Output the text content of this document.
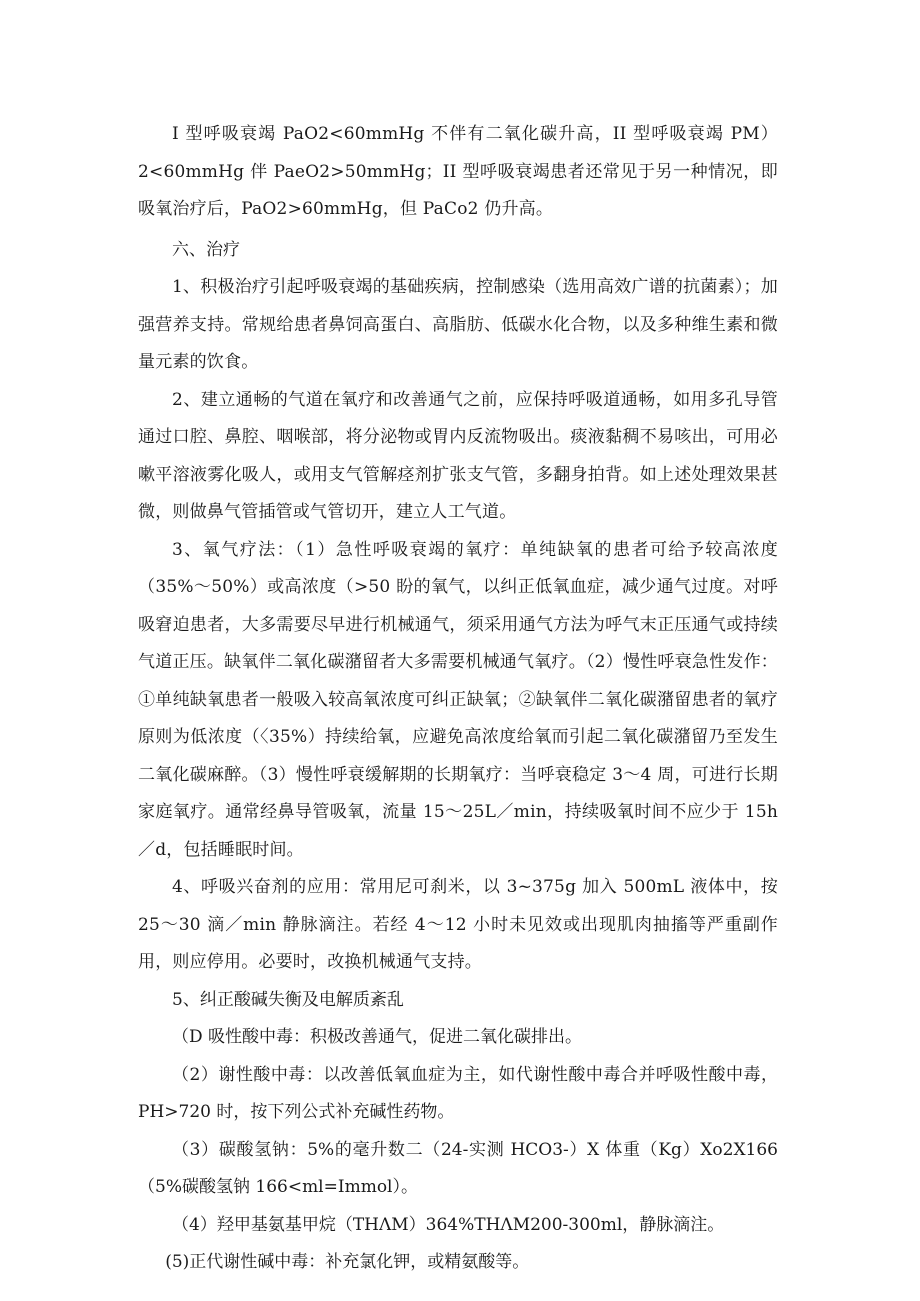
I 型呼吸衰竭 PaO2<60mmHg 不伴有二氧化碳升高，II 型呼吸衰竭 PM）2<60mmHg 伴 PaeO2>50mmHg；II 型呼吸衰竭患者还常见于另一种情况，即吸氧治疗后，PaO2>60mmHg，但 PaCo2 仍升高。

六、治疗

1、积极治疗引起呼吸衰竭的基础疾病，控制感染（选用高效广谱的抗菌素）；加强营养支持。常规给患者鼻饲高蛋白、高脂肪、低碳水化合物，以及多种维生素和微量元素的饮食。

2、建立通畅的气道在氧疗和改善通气之前，应保持呼吸道通畅，如用多孔导管通过口腔、鼻腔、咽喉部，将分泌物或胃内反流物吸出。痰液黏稠不易咳出，可用必嗽平溶液雾化吸人，或用支气管解痉剂扩张支气管，多翻身拍背。如上述处理效果甚微，则做鼻气管插管或气管切开，建立人工气道。

3、氧气疗法：（1）急性呼吸衰竭的氧疗：单纯缺氧的患者可给予较高浓度（35%～50%）或高浓度（>50 盼的氧气，以纠正低氧血症，减少通气过度。对呼吸窘迫患者，大多需要尽早进行机械通气，须采用通气方法为呼气末正压通气或持续气道正压。缺氧伴二氧化碳潴留者大多需要机械通气氧疗。（2）慢性呼衰急性发作：①单纯缺氧患者一般吸入较高氧浓度可纠正缺氧；②缺氧伴二氧化碳潴留患者的氧疗原则为低浓度（〈35%）持续给氧，应避免高浓度给氧而引起二氧化碳潴留乃至发生二氧化碳麻醉。（3）慢性呼衰缓解期的长期氧疗：当呼衰稳定 3～4 周，可进行长期家庭氧疗。通常经鼻导管吸氧，流量 15～25L／min，持续吸氧时间不应少于 15h／d，包括睡眠时间。

4、呼吸兴奋剂的应用：常用尼可刹米，以 3~375g 加入 500mL 液体中，按 25～30 滴／min 静脉滴注。若经 4～12 小时未见效或出现肌肉抽搐等严重副作用，则应停用。必要时，改换机械通气支持。

5、纠正酸碱失衡及电解质紊乱

（D 吸性酸中毒：积极改善通气，促进二氧化碳排出。

（2）谢性酸中毒：以改善低氧血症为主，如代谢性酸中毒合并呼吸性酸中毒，PH>720 时，按下列公式补充碱性药物。

（3）碳酸氢钠：5%的毫升数二（24-实测 HCO3-）X 体重（Kg）Xo2X166（5%碳酸氢钠 166<ml=Immol）。

（4）羟甲基氨基甲烷（THΛM）364%THΛM200-300ml，静脉滴注。

(5)正代谢性碱中毒：补充氯化钾，或精氨酸等。
